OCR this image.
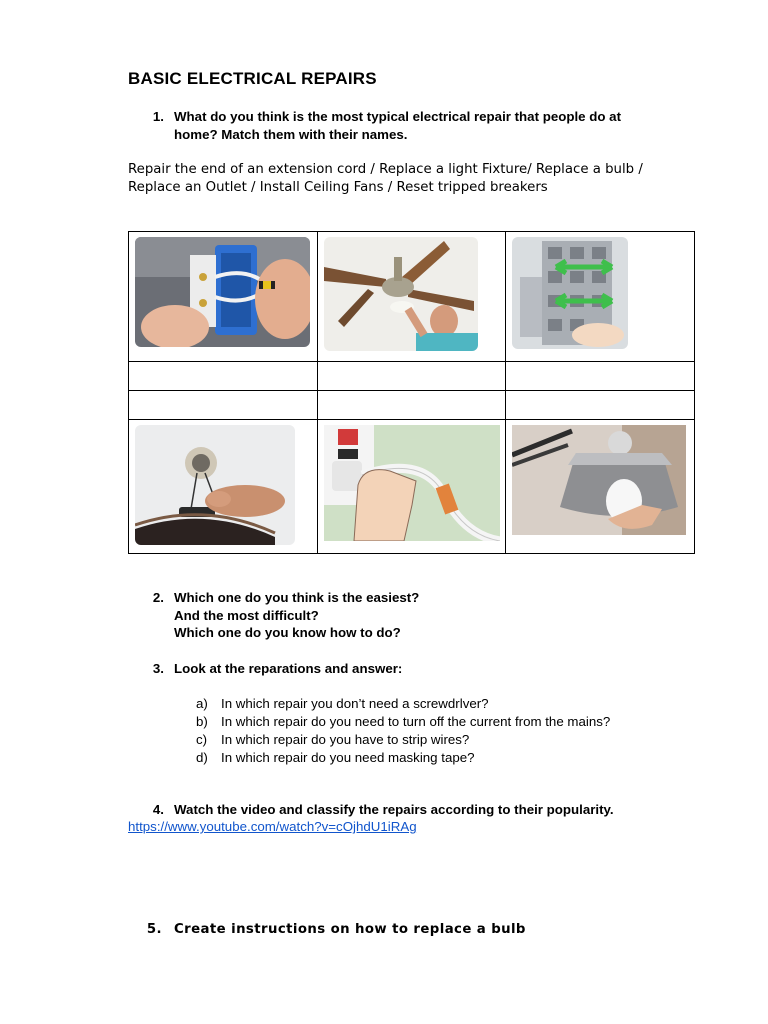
BASIC ELECTRICAL REPAIRS
1. What do you think is the most typical electrical repair that people do at
home? Match them with their names.
Repair the end of an extension cord / Replace a light Fixture/ Replace a bulb /
Replace an Outlet / Install Ceiling Fans / Reset tripped breakers

2. Which one do you think is the easiest?
And the most difficult?
Which one do you know how to do?
3. Look at the reparations and answer:
a) In which repair you don’t need a screwdrlver?
b) In which repair do you need to turn off the current from the mains?
c)	In which repair do you have to strip wires?
d) In which repair do you need masking tape?
4. Watch the video and classify the repairs according to their popularity.
https://www.youtube.com/watch?v=cOjhdU1iRAg
5. Create instructions on how to replace a bulb
